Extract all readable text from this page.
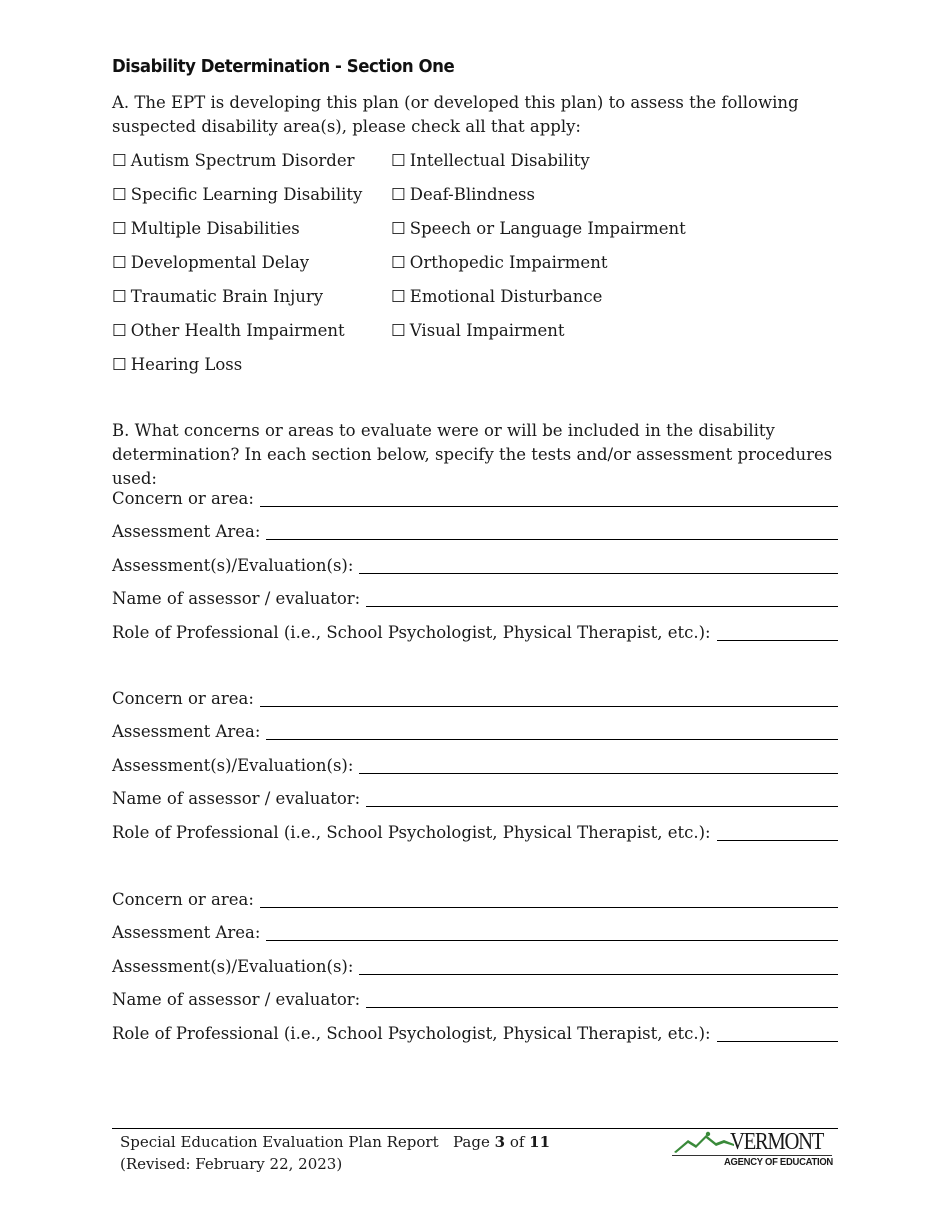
Disability Determination - Section One

A. The EPT is developing this plan (or developed this plan) to assess the following suspected disability area(s), please check all that apply:

☐ Autism Spectrum Disorder
☐ Specific Learning Disability
☐ Multiple Disabilities
☐ Developmental Delay
☐ Traumatic Brain Injury
☐ Other Health Impairment
☐ Hearing Loss
☐ Intellectual Disability
☐ Deaf-Blindness
☐ Speech or Language Impairment
☐ Orthopedic Impairment
☐ Emotional Disturbance
☐ Visual Impairment

B. What concerns or areas to evaluate were or will be included in the disability determination? In each section below, specify the tests and/or assessment procedures used:

Concern or area:
Assessment Area:
Assessment(s)/Evaluation(s):
Name of assessor / evaluator:
Role of Professional (i.e., School Psychologist, Physical Therapist, etc.):
Concern or area:
Assessment Area:
Assessment(s)/Evaluation(s):
Name of assessor / evaluator:
Role of Professional (i.e., School Psychologist, Physical Therapist, etc.):
Concern or area:
Assessment Area:
Assessment(s)/Evaluation(s):
Name of assessor / evaluator:
Role of Professional (i.e., School Psychologist, Physical Therapist, etc.):
Special Education Evaluation Plan Report
(Revised: February 22, 2023)
Page 3 of 11	VERMONT
AGENCY OF EDUCATION
